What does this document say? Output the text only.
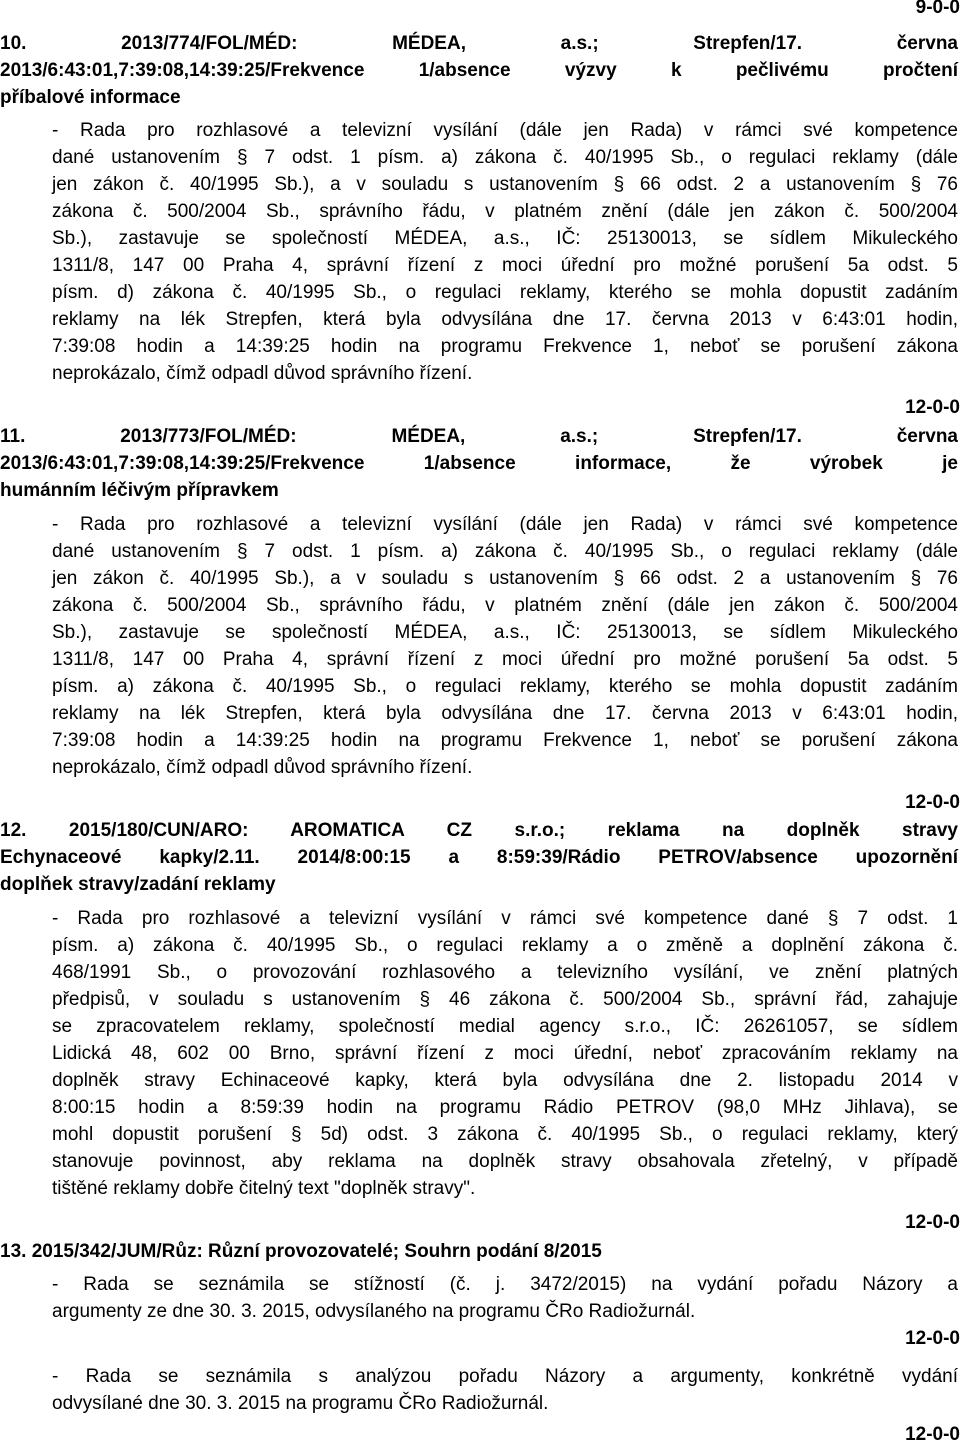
9-0-0
10. 2013/774/FOL/MÉD: MÉDEA, a.s.; Strepfen/17. června
2013/6:43:01,7:39:08,14:39:25/Frekvence 1/absence výzvy k pečlivému pročtení
příbalové informace
- Rada pro rozhlasové a televizní vysílání (dále jen Rada) v rámci své kompetence
dané ustanovením § 7 odst. 1 písm. a) zákona č. 40/1995 Sb., o regulaci reklamy (dále
jen zákon č. 40/1995 Sb.), a v souladu s ustanovením § 66 odst. 2 a ustanovením § 76
zákona č. 500/2004 Sb., správního řádu, v platném znění (dále jen zákon č. 500/2004
Sb.), zastavuje se společností MÉDEA, a.s., IČ: 25130013, se sídlem Mikuleckého
1311/8, 147 00 Praha 4, správní řízení z moci úřední pro možné porušení 5a odst. 5
písm. d) zákona č. 40/1995 Sb., o regulaci reklamy, kterého se mohla dopustit zadáním
reklamy na lék Strepfen, která byla odvysílána dne 17. června 2013 v 6:43:01 hodin,
7:39:08 hodin a 14:39:25 hodin na programu Frekvence 1, neboť se porušení zákona
neprokázalo, čímž odpadl důvod správního řízení.
12-0-0
11. 2013/773/FOL/MÉD: MÉDEA, a.s.; Strepfen/17. června
2013/6:43:01,7:39:08,14:39:25/Frekvence 1/absence informace, že výrobek je
humánním léčivým přípravkem
- Rada pro rozhlasové a televizní vysílání (dále jen Rada) v rámci své kompetence
dané ustanovením § 7 odst. 1 písm. a) zákona č. 40/1995 Sb., o regulaci reklamy (dále
jen zákon č. 40/1995 Sb.), a v souladu s ustanovením § 66 odst. 2 a ustanovením § 76
zákona č. 500/2004 Sb., správního řádu, v platném znění (dále jen zákon č. 500/2004
Sb.), zastavuje se společností MÉDEA, a.s., IČ: 25130013, se sídlem Mikuleckého
1311/8, 147 00 Praha 4, správní řízení z moci úřední pro možné porušení 5a odst. 5
písm. a) zákona č. 40/1995 Sb., o regulaci reklamy, kterého se mohla dopustit zadáním
reklamy na lék Strepfen, která byla odvysílána dne 17. června 2013 v 6:43:01 hodin,
7:39:08 hodin a 14:39:25 hodin na programu Frekvence 1, neboť se porušení zákona
neprokázalo, čímž odpadl důvod správního řízení.
12-0-0
12. 2015/180/CUN/ARO: AROMATICA CZ s.r.o.; reklama na doplněk stravy
Echynaceové kapky/2.11. 2014/8:00:15 a 8:59:39/Rádio PETROV/absence upozornění
doplňek stravy/zadání reklamy
- Rada pro rozhlasové a televizní vysílání v rámci své kompetence dané § 7 odst. 1
písm. a) zákona č. 40/1995 Sb., o regulaci reklamy a o změně a doplnění zákona č.
468/1991 Sb., o provozování rozhlasového a televizního vysílání, ve znění platných
předpisů, v souladu s ustanovením § 46 zákona č. 500/2004 Sb., správní řád, zahajuje
se zpracovatelem reklamy, společností medial agency s.r.o., IČ: 26261057, se sídlem
Lidická 48, 602 00 Brno, správní řízení z moci úřední, neboť zpracováním reklamy na
doplněk stravy Echinaceové kapky, která byla odvysílána dne 2. listopadu 2014 v
8:00:15 hodin a 8:59:39 hodin na programu Rádio PETROV (98,0 MHz Jihlava), se
mohl dopustit porušení § 5d) odst. 3 zákona č. 40/1995 Sb., o regulaci reklamy, který
stanovuje povinnost, aby reklama na doplněk stravy obsahovala zřetelný, v případě
tištěné reklamy dobře čitelný text "doplněk stravy".
12-0-0
13. 2015/342/JUM/Růz: Různí provozovatelé; Souhrn podání 8/2015
- Rada se seznámila se stížností (č. j. 3472/2015) na vydání pořadu Názory a
argumenty ze dne 30. 3. 2015, odvysílaného na programu ČRo Radiožurnál.
12-0-0
- Rada se seznámila s analýzou pořadu Názory a argumenty, konkrétně vydání
odvysílané dne 30. 3. 2015 na programu ČRo Radiožurnál.
12-0-0
